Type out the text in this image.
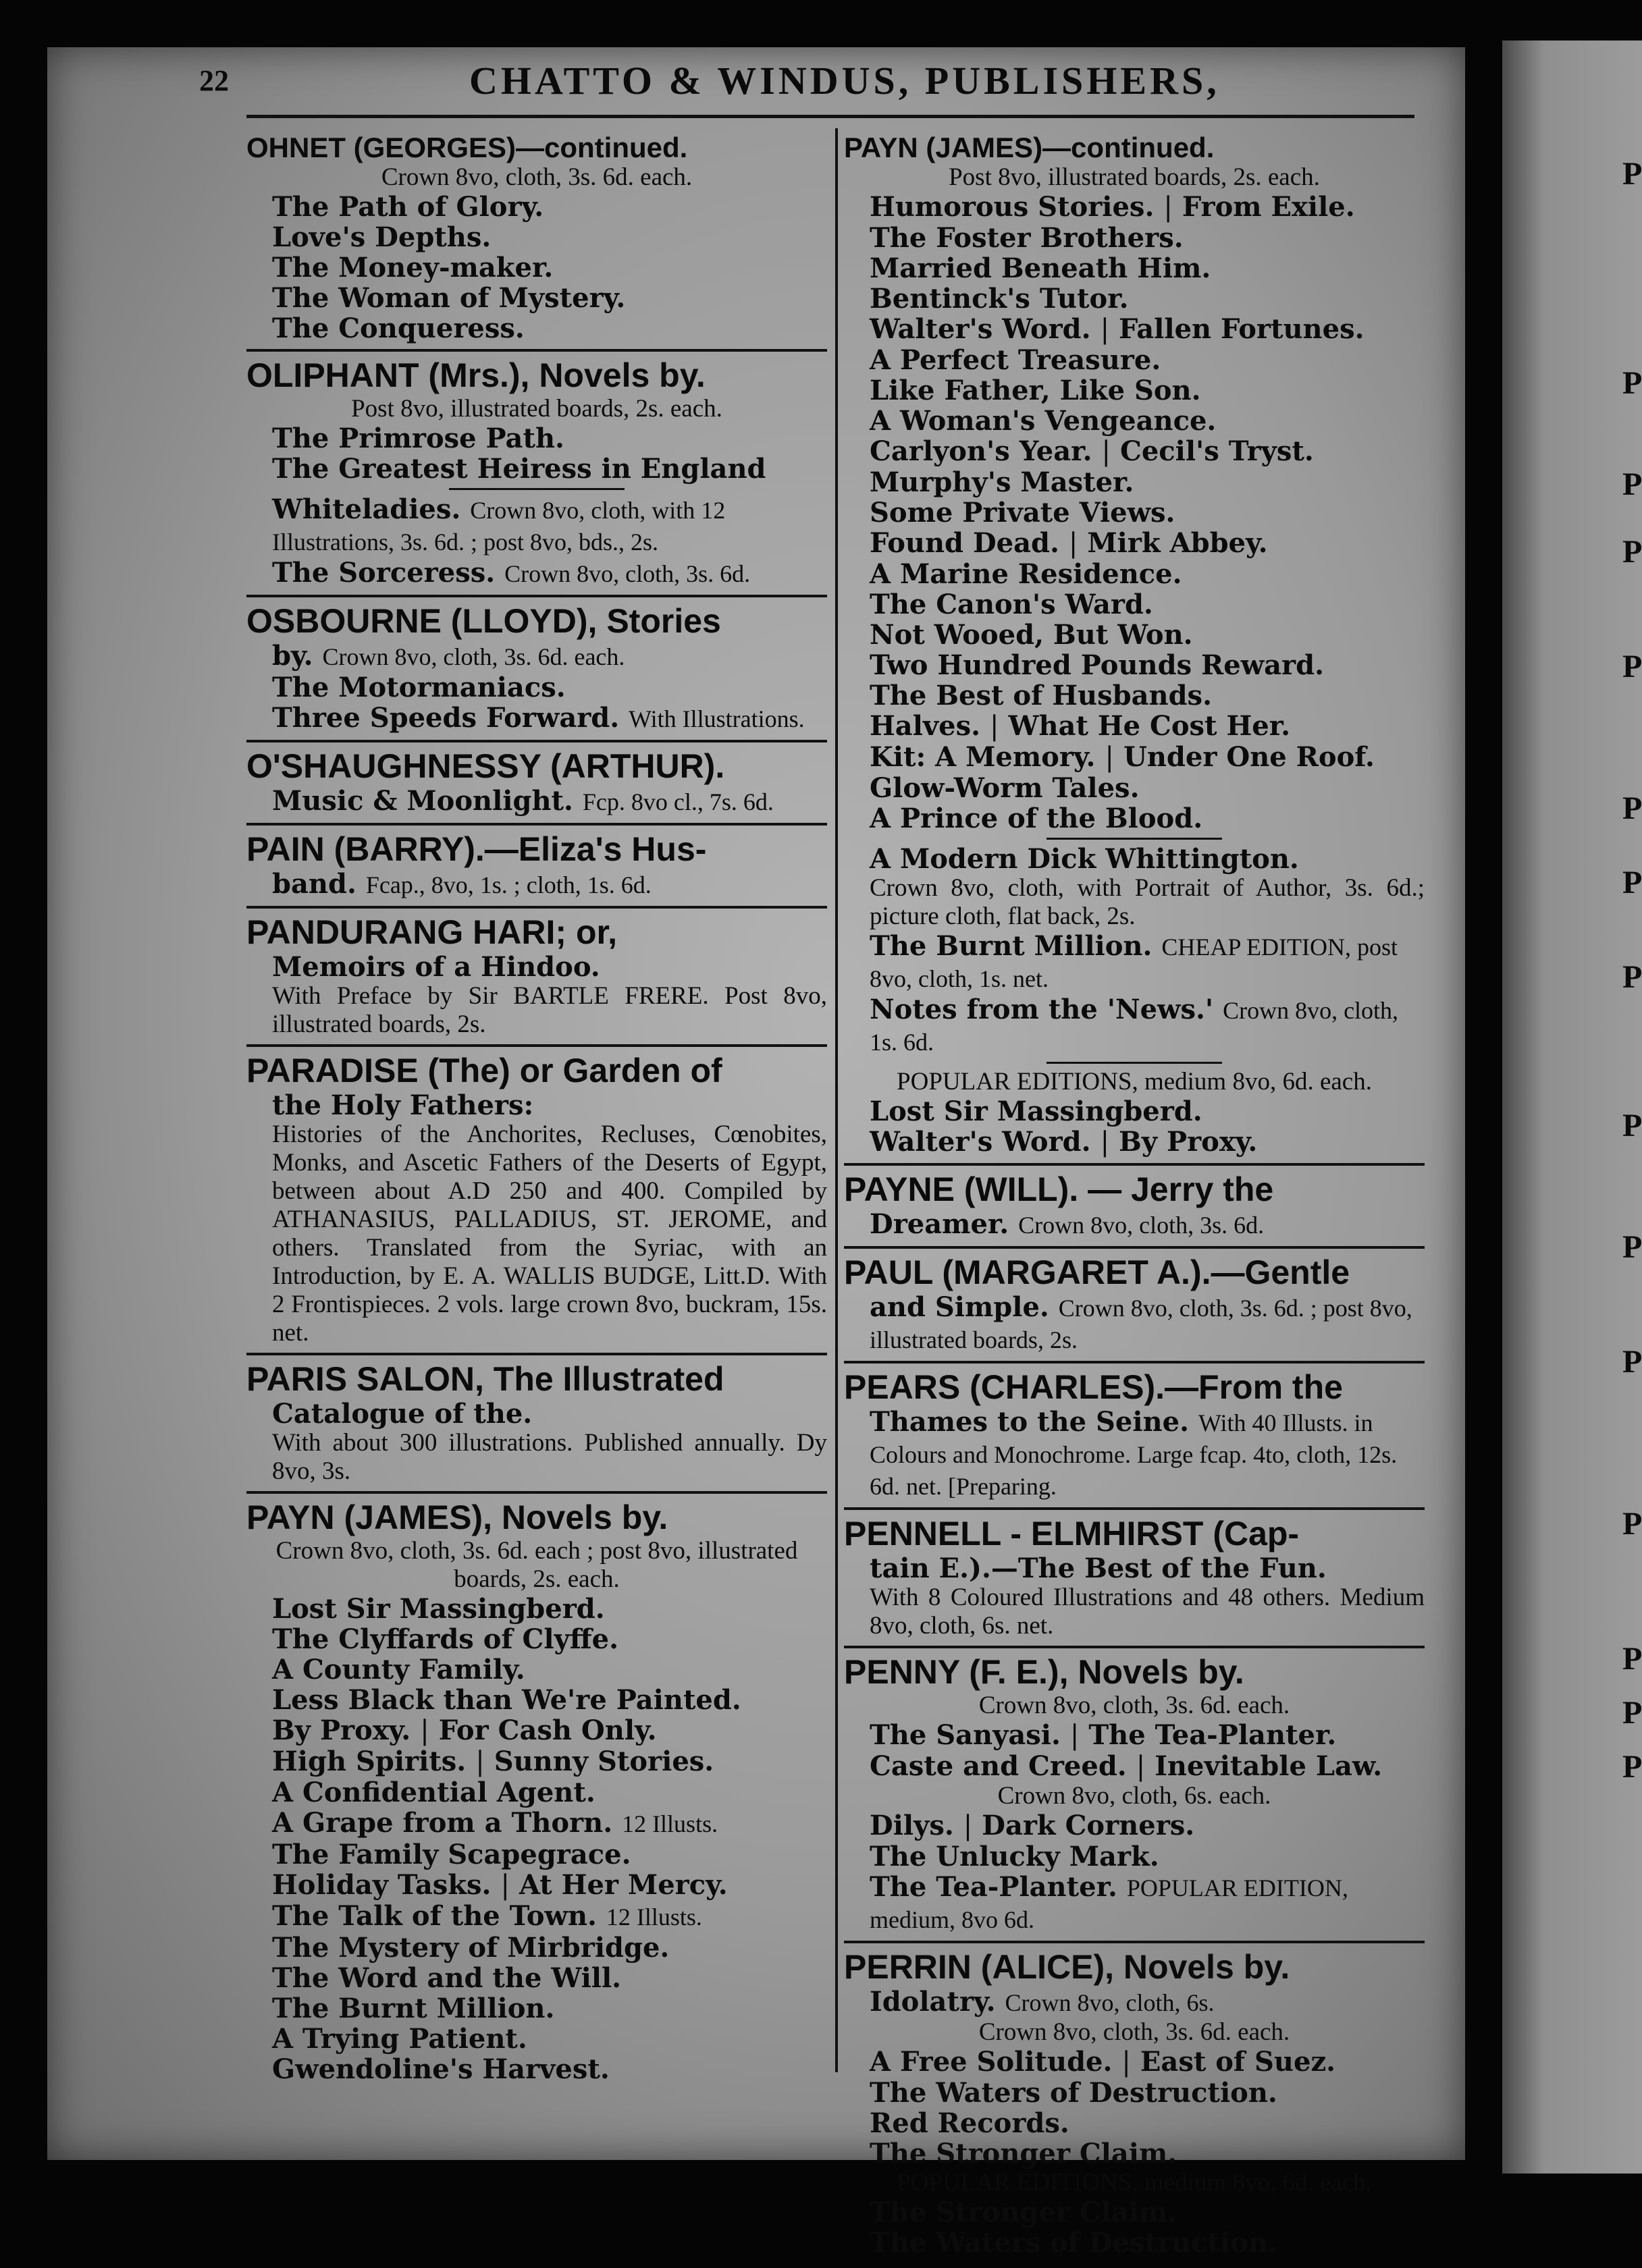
P
P
P
P
P
P
P
P
P
P
P
P
P
P
P
22	CHATTO & WINDUS, PUBLISHERS,
OHNET (GEORGES)—continued.
Crown 8vo, cloth, 3s. 6d. each.
The Path of Glory.
Love's Depths.
The Money-maker.
The Woman of Mystery.
The Conqueress.
OLIPHANT (Mrs.), Novels by.
Post 8vo, illustrated boards, 2s. each.
The Primrose Path.
The Greatest Heiress in England
Whiteladies. Crown 8vo, cloth, with 12 Illustrations, 3s. 6d. ; post 8vo, bds., 2s.
The Sorceress. Crown 8vo, cloth, 3s. 6d.
OSBOURNE (LLOYD), Stories
by. Crown 8vo, cloth, 3s. 6d. each.
The Motormaniacs.
Three Speeds Forward. With Illustrations.
O'SHAUGHNESSY (ARTHUR).
Music & Moonlight. Fcp. 8vo cl., 7s. 6d.
PAIN (BARRY).—Eliza's Hus-
band. Fcap., 8vo, 1s. ; cloth, 1s. 6d.
PANDURANG HARI; or,
Memoirs of a Hindoo.
With Preface by Sir BARTLE FRERE. Post 8vo, illustrated boards, 2s.
PARADISE (The) or Garden of
the Holy Fathers:
Histories of the Anchorites, Recluses, Cœnobites, Monks, and Ascetic Fathers of the Deserts of Egypt, between about A.D 250 and 400. Compiled by ATHANASIUS, PALLADIUS, ST. JEROME, and others. Translated from the Syriac, with an Introduction, by E. A. WALLIS BUDGE, Litt.D. With 2 Frontispieces. 2 vols. large crown 8vo, buckram, 15s. net.
PARIS SALON, The Illustrated
Catalogue of the.
With about 300 illustrations. Published annually. Dy 8vo, 3s.
PAYN (JAMES), Novels by.
Crown 8vo, cloth, 3s. 6d. each ; post 8vo, illustrated boards, 2s. each.
Lost Sir Massingberd.
The Clyffards of Clyffe.
A County Family.
Less Black than We're Painted.
By Proxy. | For Cash Only.
High Spirits. | Sunny Stories.
A Confidential Agent.
A Grape from a Thorn. 12 Illusts.
The Family Scapegrace.
Holiday Tasks. | At Her Mercy.
The Talk of the Town. 12 Illusts.
The Mystery of Mirbridge.
The Word and the Will.
The Burnt Million.
A Trying Patient.
Gwendoline's Harvest.
PAYN (JAMES)—continued.
Post 8vo, illustrated boards, 2s. each.
Humorous Stories. | From Exile.
The Foster Brothers.
Married Beneath Him.
Bentinck's Tutor.
Walter's Word. | Fallen Fortunes.
A Perfect Treasure.
Like Father, Like Son.
A Woman's Vengeance.
Carlyon's Year. | Cecil's Tryst.
Murphy's Master.
Some Private Views.
Found Dead. | Mirk Abbey.
A Marine Residence.
The Canon's Ward.
Not Wooed, But Won.
Two Hundred Pounds Reward.
The Best of Husbands.
Halves. | What He Cost Her.
Kit: A Memory. | Under One Roof.
Glow-Worm Tales.
A Prince of the Blood.
A Modern Dick Whittington.
Crown 8vo, cloth, with Portrait of Author, 3s. 6d.; picture cloth, flat back, 2s.
The Burnt Million. CHEAP EDITION, post 8vo, cloth, 1s. net.
Notes from the 'News.' Crown 8vo, cloth, 1s. 6d.
POPULAR EDITIONS, medium 8vo, 6d. each.
Lost Sir Massingberd.
Walter's Word. | By Proxy.
PAYNE (WILL). — Jerry the
Dreamer. Crown 8vo, cloth, 3s. 6d.
PAUL (MARGARET A.).—Gentle
and Simple. Crown 8vo, cloth, 3s. 6d. ; post 8vo, illustrated boards, 2s.
PEARS (CHARLES).—From the
Thames to the Seine. With 40 Illusts. in Colours and Monochrome. Large fcap. 4to, cloth, 12s. 6d. net. [Preparing.
PENNELL - ELMHIRST (Cap-
tain E.).—The Best of the Fun.
With 8 Coloured Illustrations and 48 others. Medium 8vo, cloth, 6s. net.
PENNY (F. E.), Novels by.
Crown 8vo, cloth, 3s. 6d. each.
The Sanyasi. | The Tea-Planter.
Caste and Creed. | Inevitable Law.
Crown 8vo, cloth, 6s. each.
Dilys. | Dark Corners.
The Unlucky Mark.
The Tea-Planter. POPULAR EDITION, medium, 8vo 6d.
PERRIN (ALICE), Novels by.
Idolatry. Crown 8vo, cloth, 6s.
Crown 8vo, cloth, 3s. 6d. each.
A Free Solitude. | East of Suez.
The Waters of Destruction.
Red Records.
The Stronger Claim.
POPULAR EDITIONS, medium 8vo, 6d. each.
The Stronger Claim.
The Waters of Destruction.
